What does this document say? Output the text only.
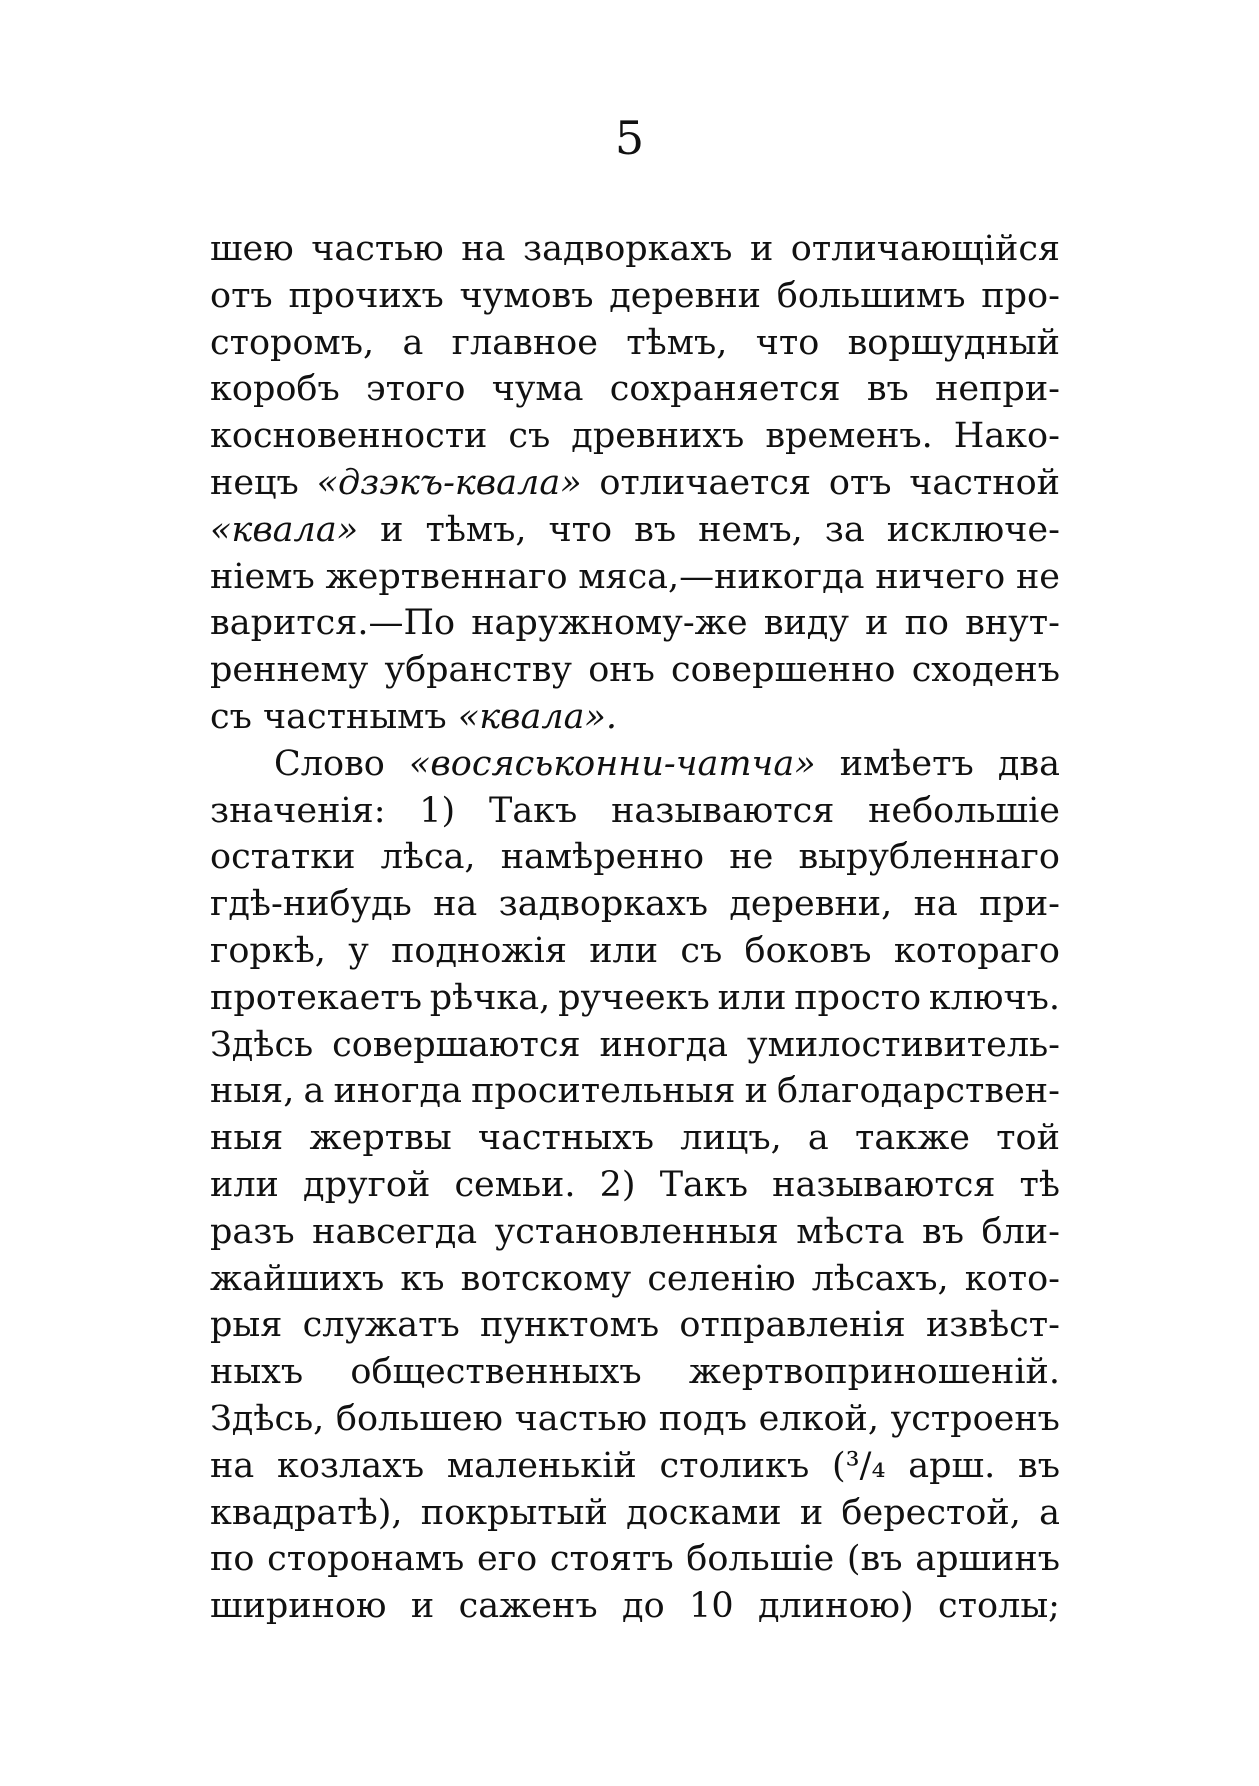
5
шею частью на задворкахъ и отличающійся
отъ прочихъ чумовъ деревни большимъ про-
сторомъ, а главное тѣмъ, что воршудный
коробъ этого чума сохраняется въ непри-
косновенности съ древнихъ временъ. Нако-
нецъ «дзэкъ-квала» отличается отъ частной
«квала» и тѣмъ, что въ немъ, за исключе-
ніемъ жертвеннаго мяса,—никогда ничего не
варится.—По наружному-же виду и по внут-
реннему убранству онъ совершенно сходенъ
съ
частнымъ
«квала».
Слово «восяськонни-чатча» имѣетъ два
значенія: 1) Такъ называются небольшіе
остатки лѣса, намѣренно не вырубленнаго
гдѣ-нибудь на задворкахъ деревни, на при-
горкѣ, у подножія или съ боковъ котораго
протекаетъ рѣчка, ручеекъ или просто ключъ.
Здѣсь совершаются иногда умилостивитель-
ныя, а иногда просительныя и благодарствен-
ныя жертвы частныхъ лицъ, а также той
или другой семьи. 2) Такъ называются тѣ
разъ навсегда установленныя мѣста въ бли-
жайшихъ къ вотскому селенію лѣсахъ, кото-
рыя служатъ пунктомъ отправленія извѣст-
ныхъ общественныхъ жертвоприношеній.
Здѣсь, большею частью подъ елкой, устроенъ
на козлахъ маленькій столикъ (³/₄ арш. въ
квадратѣ), покрытый досками и берестой, а
по сторонамъ его стоятъ большіе (въ аршинъ
шириною и саженъ до 10 длиною) столы;
